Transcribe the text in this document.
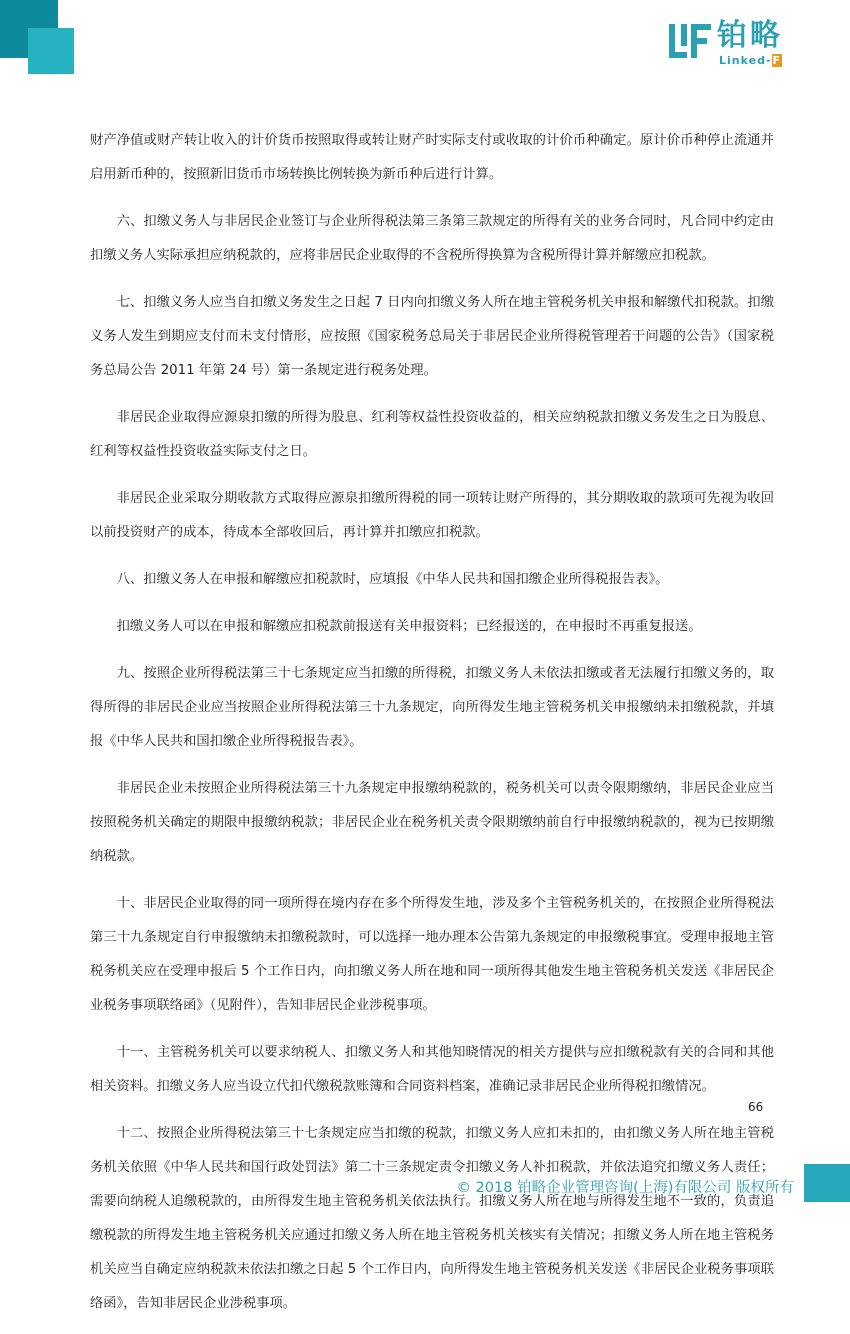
铂略
Linked-F

财产净值或财产转让收入的计价货币按照取得或转让财产时实际支付或收取的计价币种确定。原计价币种停止流通并启用新币种的，按照新旧货币市场转换比例转换为新币种后进行计算。

六、扣缴义务人与非居民企业签订与企业所得税法第三条第三款规定的所得有关的业务合同时，凡合同中约定由扣缴义务人实际承担应纳税款的，应将非居民企业取得的不含税所得换算为含税所得计算并解缴应扣税款。

七、扣缴义务人应当自扣缴义务发生之日起 7 日内向扣缴义务人所在地主管税务机关申报和解缴代扣税款。扣缴义务人发生到期应支付而未支付情形，应按照《国家税务总局关于非居民企业所得税管理若干问题的公告》（国家税务总局公告 2011 年第 24 号）第一条规定进行税务处理。

非居民企业取得应源泉扣缴的所得为股息、红利等权益性投资收益的，相关应纳税款扣缴义务发生之日为股息、红利等权益性投资收益实际支付之日。

非居民企业采取分期收款方式取得应源泉扣缴所得税的同一项转让财产所得的，其分期收取的款项可先视为收回以前投资财产的成本，待成本全部收回后，再计算并扣缴应扣税款。

八、扣缴义务人在申报和解缴应扣税款时，应填报《中华人民共和国扣缴企业所得税报告表》。

扣缴义务人可以在申报和解缴应扣税款前报送有关申报资料；已经报送的，在申报时不再重复报送。

九、按照企业所得税法第三十七条规定应当扣缴的所得税，扣缴义务人未依法扣缴或者无法履行扣缴义务的，取得所得的非居民企业应当按照企业所得税法第三十九条规定，向所得发生地主管税务机关申报缴纳未扣缴税款，并填报《中华人民共和国扣缴企业所得税报告表》。

非居民企业未按照企业所得税法第三十九条规定申报缴纳税款的，税务机关可以责令限期缴纳，非居民企业应当按照税务机关确定的期限申报缴纳税款；非居民企业在税务机关责令限期缴纳前自行申报缴纳税款的，视为已按期缴纳税款。

十、非居民企业取得的同一项所得在境内存在多个所得发生地，涉及多个主管税务机关的，在按照企业所得税法第三十九条规定自行申报缴纳未扣缴税款时，可以选择一地办理本公告第九条规定的申报缴税事宜。受理申报地主管税务机关应在受理申报后 5 个工作日内，向扣缴义务人所在地和同一项所得其他发生地主管税务机关发送《非居民企业税务事项联络函》（见附件），告知非居民企业涉税事项。

十一、主管税务机关可以要求纳税人、扣缴义务人和其他知晓情况的相关方提供与应扣缴税款有关的合同和其他相关资料。扣缴义务人应当设立代扣代缴税款账簿和合同资料档案，准确记录非居民企业所得税扣缴情况。

十二、按照企业所得税法第三十七条规定应当扣缴的税款，扣缴义务人应扣未扣的，由扣缴义务人所在地主管税务机关依照《中华人民共和国行政处罚法》第二十三条规定责令扣缴义务人补扣税款，并依法追究扣缴义务人责任；需要向纳税人追缴税款的，由所得发生地主管税务机关依法执行。扣缴义务人所在地与所得发生地不一致的，负责追缴税款的所得发生地主管税务机关应通过扣缴义务人所在地主管税务机关核实有关情况；扣缴义务人所在地主管税务机关应当自确定应纳税款未依法扣缴之日起 5 个工作日内，向所得发生地主管税务机关发送《非居民企业税务事项联络函》，告知非居民企业涉税事项。

66
© 2018 铂略企业管理咨询(上海)有限公司 版权所有
